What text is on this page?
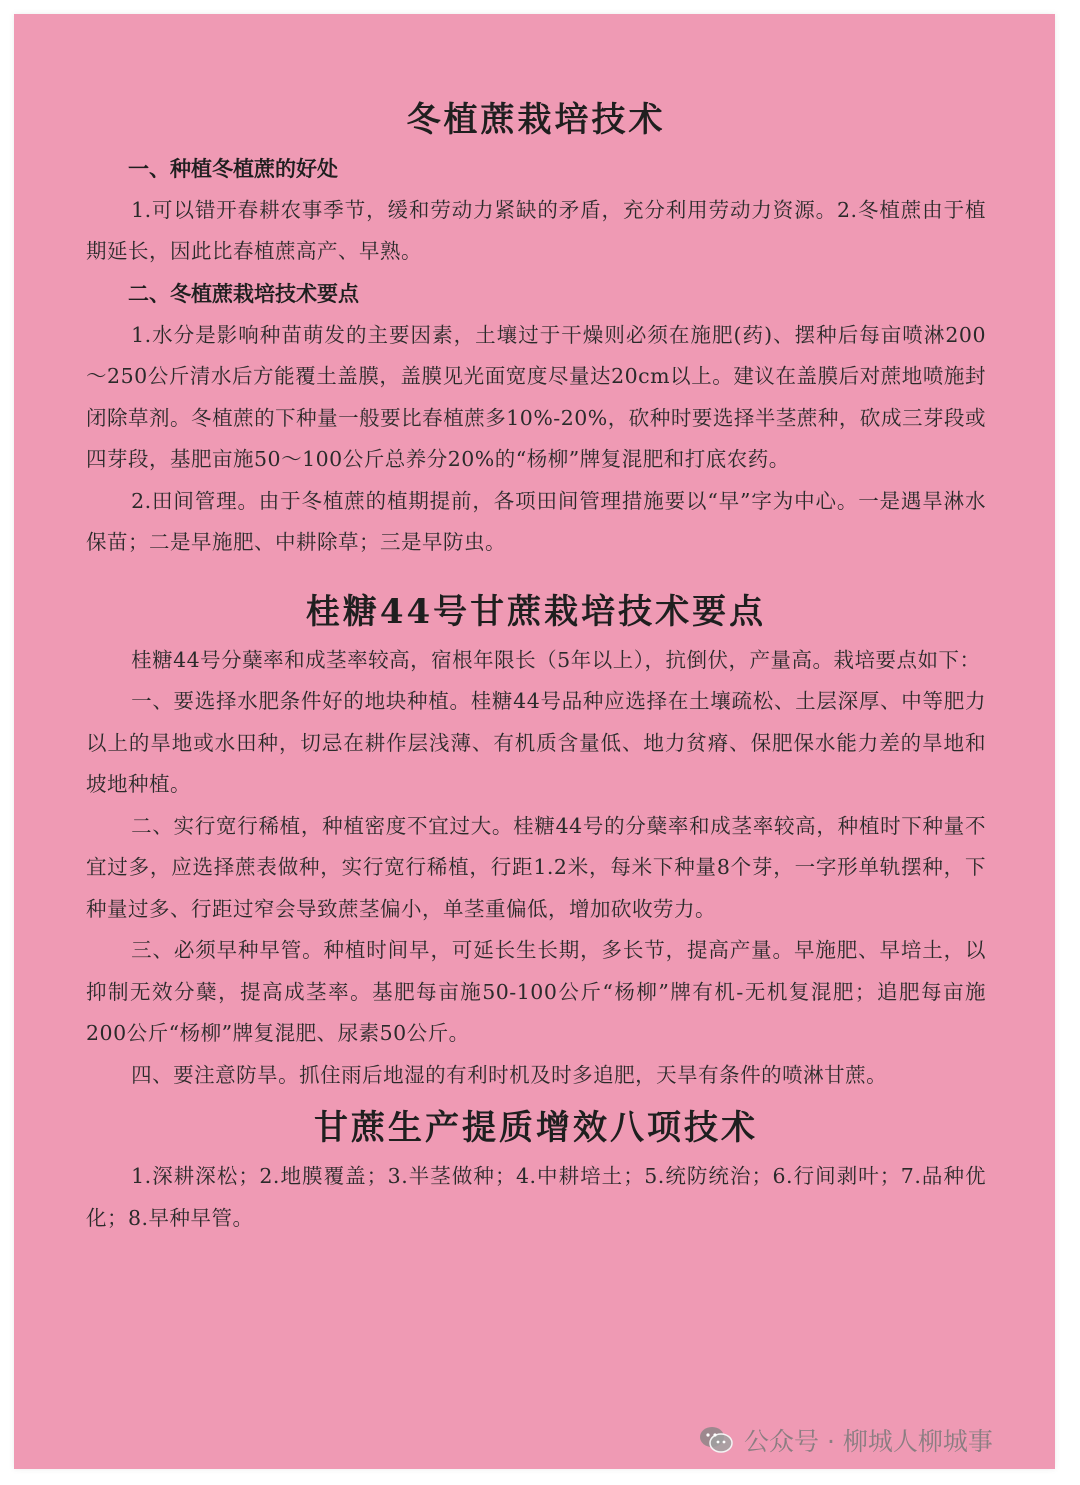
冬植蔗栽培技术
一、种植冬植蔗的好处

1.可以错开春耕农事季节，缓和劳动力紧缺的矛盾，充分利用劳动力资源。2.冬植蔗由于植期延长，因此比春植蔗高产、早熟。

二、冬植蔗栽培技术要点

1.水分是影响种苗萌发的主要因素，土壤过于干燥则必须在施肥(药)、摆种后每亩喷淋200～250公斤清水后方能覆土盖膜，盖膜见光面宽度尽量达20cm以上。建议在盖膜后对蔗地喷施封闭除草剂。冬植蔗的下种量一般要比春植蔗多10%-20%，砍种时要选择半茎蔗种，砍成三芽段或四芽段，基肥亩施50～100公斤总养分20%的“杨柳”牌复混肥和打底农药。

2.田间管理。由于冬植蔗的植期提前，各项田间管理措施要以“早”字为中心。一是遇旱淋水保苗；二是早施肥、中耕除草；三是早防虫。

桂糖44号甘蔗栽培技术要点

桂糖44号分蘖率和成茎率较高，宿根年限长（5年以上），抗倒伏，产量高。栽培要点如下：

一、要选择水肥条件好的地块种植。桂糖44号品种应选择在土壤疏松、土层深厚、中等肥力以上的旱地或水田种，切忌在耕作层浅薄、有机质含量低、地力贫瘠、保肥保水能力差的旱地和坡地种植。

二、实行宽行稀植，种植密度不宜过大。桂糖44号的分蘖率和成茎率较高，种植时下种量不宜过多，应选择蔗表做种，实行宽行稀植，行距1.2米，每米下种量8个芽，一字形单轨摆种，下种量过多、行距过窄会导致蔗茎偏小，单茎重偏低，增加砍收劳力。

三、必须早种早管。种植时间早，可延长生长期，多长节，提高产量。早施肥、早培土，以抑制无效分蘖，提高成茎率。基肥每亩施50-100公斤“杨柳”牌有机-无机复混肥；追肥每亩施200公斤“杨柳”牌复混肥、尿素50公斤。

四、要注意防旱。抓住雨后地湿的有利时机及时多追肥，天旱有条件的喷淋甘蔗。

甘蔗生产提质增效八项技术

1.深耕深松；2.地膜覆盖；3.半茎做种；4.中耕培土；5.统防统治；6.行间剥叶；7.品种优化；8.早种早管。

公众号 · 柳城人柳城事
